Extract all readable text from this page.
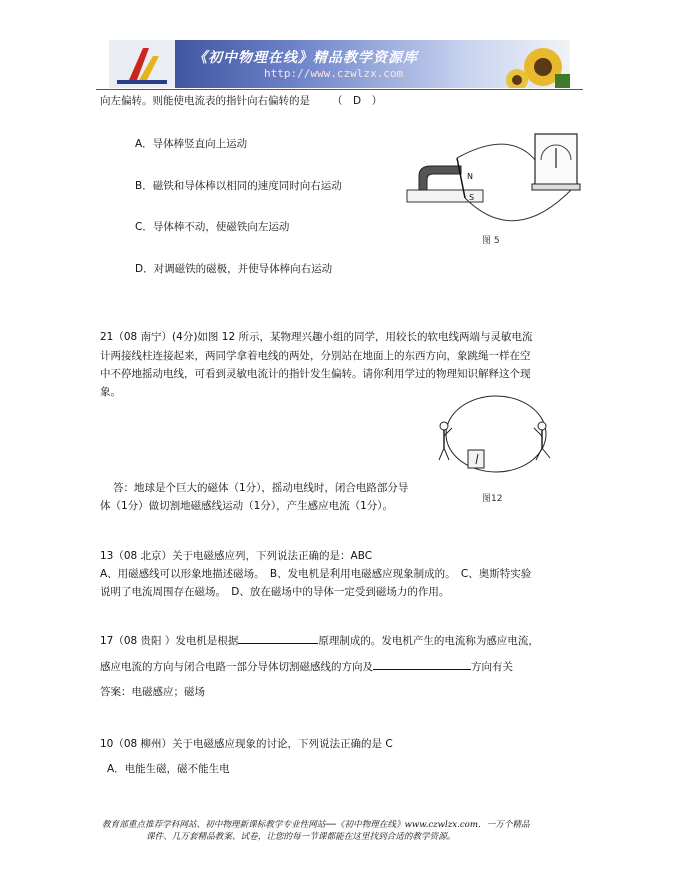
《初中物理在线》精品教学资源库
http://www.czwlzx.com
向左偏转。则能使电流表的指针向右偏转的是 （　D　）
A．导体棒竖直向上运动
B．磁铁和导体棒以相同的速度同时向右运动
C．导体棒不动，使磁铁向左运动
D．对调磁铁的磁极，并使导体棒向右运动
N
S
图 5
21（08 南宁）(4分)如图 12 所示，某物理兴趣小组的同学，用较长的软电线两端与灵敏电流
计两接线柱连接起来，两同学拿着电线的两处，分别站在地面上的东西方向，象跳绳一样在空
中不停地摇动电线，可看到灵敏电流计的指针发生偏转。请你利用学过的物理知识解释这个现
象。
图12
答：地球是个巨大的磁体（1分），摇动电线时，闭合电路部分导
体（1分）做切割地磁感线运动（1分），产生感应电流（1分）。
13（08 北京）关于电磁感应列，下列说法正确的是：ABC
A、用磁感线可以形象地描述磁场。　B、发电机是利用电磁感应现象制成的。　C、奥斯特实验
说明了电流周围存在磁场。　D、放在磁场中的导体一定受到磁场力的作用。
17（08 贵阳 ）发电机是根据	原理制成的。发电机产生的电流称为感应电流，
感应电流的方向与闭合电路一部分导体切割磁感线的方向及	方向有关
答案：电磁感应；磁场
10（08 柳州）关于电磁感应现象的讨论，下列说法正确的是 C
A．电能生磁，磁不能生电
教育部重点推荐学科网站、初中物理新课标教学专业性网站──《初中物理在线》www.czwlzx.com．一万个精品
课件、几万套精品教案、试卷，让您的每一节课都能在这里找到合适的教学资源。
